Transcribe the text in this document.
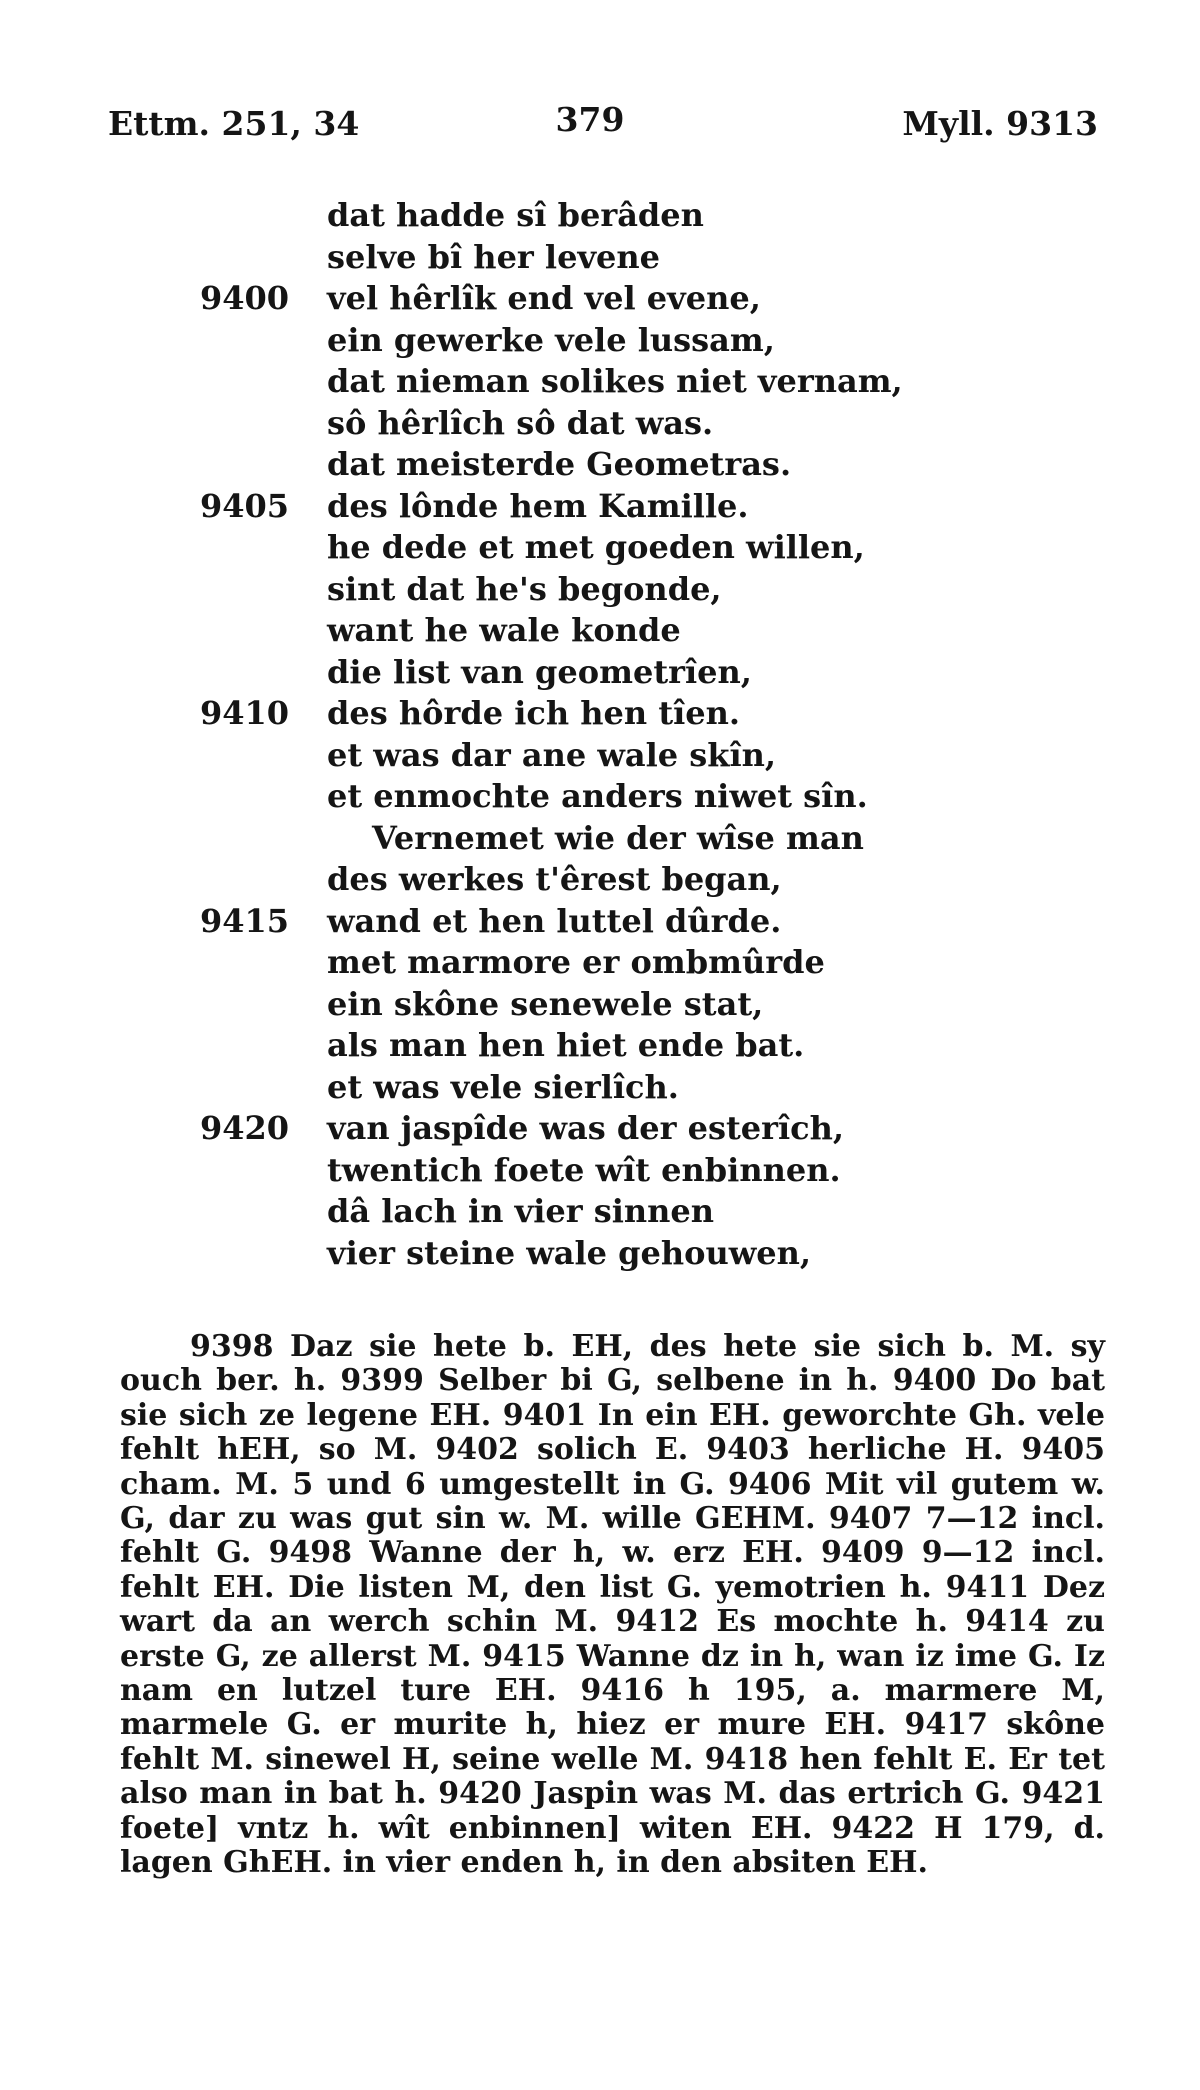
Ettm. 251, 34	379	Myll. 9313
dat hadde sî berâden
selve bî her levene
9400 vel hêrlîk end vel evene,
ein gewerke vele lussam,
dat nieman solikes niet vernam,
sô hêrlîch sô dat was.
dat meisterde Geometras.
9405 des lônde hem Kamille.
he dede et met goeden willen,
sint dat he's begonde,
want he wale konde
die list van geometrîen,
9410 des hôrde ich hen tîen.
et was dar ane wale skîn,
et enmochte anders niwet sîn.
Vernemet wie der wîse man
des werkes t'êrest began,
9415 wand et hen luttel dûrde.
met marmore er ombmûrde
ein skône senewele stat,
als man hen hiet ende bat.
et was vele sierlîch.
9420 van jaspîde was der esterîch,
twentich foete wît enbinnen.
dâ lach in vier sinnen
vier steine wale gehouwen,

9398 Daz sie hete b. EH, des hete sie sich b. M. sy ouch ber. h. 9399 Selber bi G, selbene in h. 9400 Do bat sie sich ze legene EH. 9401 In ein EH. geworchte Gh. vele fehlt hEH, so M. 9402 solich E. 9403 herliche H. 9405 cham. M. 5 und 6 umgestellt in G. 9406 Mit vil gutem w. G, dar zu was gut sin w. M. wille GEHM. 9407 7—12 incl. fehlt G. 9498 Wanne der h, w. erz EH. 9409 9—12 incl. fehlt EH. Die listen M, den list G. yemotrien h. 9411 Dez wart da an werch schin M. 9412 Es mochte h. 9414 zu erste G, ze allerst M. 9415 Wanne dz in h, wan iz ime G. Iz nam en lutzel ture EH. 9416 h 195, a. marmere M, marmele G. er murite h, hiez er mure EH. 9417 skône fehlt M. sinewel H, seine welle M. 9418 hen fehlt E. Er tet also man in bat h. 9420 Jaspin was M. das ertrich G. 9421 foete] vntz h. wît enbinnen] witen EH. 9422 H 179, d. lagen GhEH. in vier enden h, in den absiten EH.
